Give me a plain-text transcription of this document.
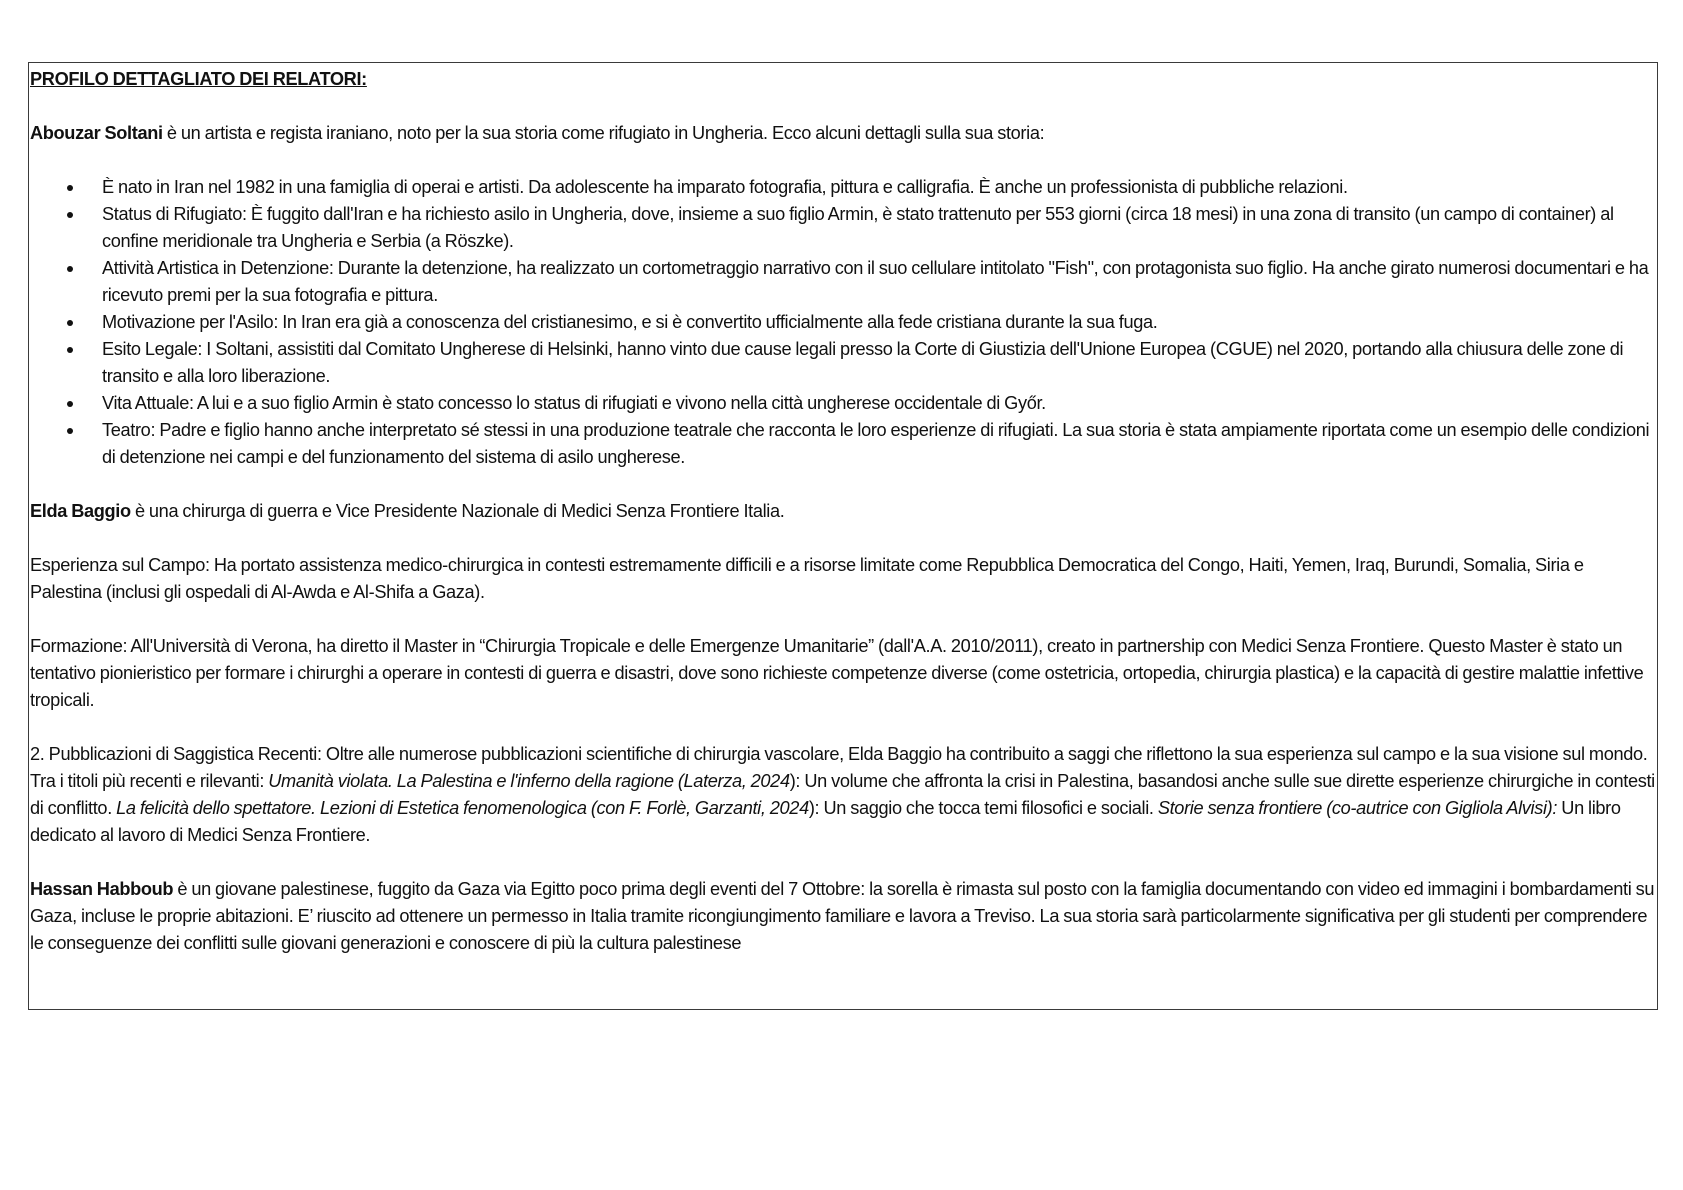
PROFILO DETTAGLIATO DEI RELATORI:

Abouzar Soltani è un artista e regista iraniano, noto per la sua storia come rifugiato in Ungheria. Ecco alcuni dettagli sulla sua storia:

È nato in Iran nel 1982 in una famiglia di operai e artisti. Da adolescente ha imparato fotografia, pittura e calligrafia. È anche un professionista di pubbliche relazioni.
Status di Rifugiato: È fuggito dall'Iran e ha richiesto asilo in Ungheria, dove, insieme a suo figlio Armin, è stato trattenuto per 553 giorni (circa 18 mesi) in una zona di transito (un campo di container) al confine meridionale tra Ungheria e Serbia (a Röszke).
Attività Artistica in Detenzione: Durante la detenzione, ha realizzato un cortometraggio narrativo con il suo cellulare intitolato "Fish", con protagonista suo figlio. Ha anche girato numerosi documentari e ha ricevuto premi per la sua fotografia e pittura.
Motivazione per l'Asilo: In Iran era già a conoscenza del cristianesimo, e si è convertito ufficialmente alla fede cristiana durante la sua fuga.
Esito Legale: I Soltani, assistiti dal Comitato Ungherese di Helsinki, hanno vinto due cause legali presso la Corte di Giustizia dell'Unione Europea (CGUE) nel 2020, portando alla chiusura delle zone di transito e alla loro liberazione.
Vita Attuale: A lui e a suo figlio Armin è stato concesso lo status di rifugiati e vivono nella città ungherese occidentale di Győr.
Teatro: Padre e figlio hanno anche interpretato sé stessi in una produzione teatrale che racconta le loro esperienze di rifugiati. La sua storia è stata ampiamente riportata come un esempio delle condizioni di detenzione nei campi e del funzionamento del sistema di asilo ungherese.

Elda Baggio è una chirurga di guerra e Vice Presidente Nazionale di Medici Senza Frontiere Italia.

Esperienza sul Campo: Ha portato assistenza medico-chirurgica in contesti estremamente difficili e a risorse limitate come Repubblica Democratica del Congo, Haiti, Yemen, Iraq, Burundi, Somalia, Siria e Palestina (inclusi gli ospedali di Al-Awda e Al-Shifa a Gaza).

Formazione: All'Università di Verona, ha diretto il Master in “Chirurgia Tropicale e delle Emergenze Umanitarie” (dall'A.A. 2010/2011), creato in partnership con Medici Senza Frontiere. Questo Master è stato un tentativo pionieristico per formare i chirurghi a operare in contesti di guerra e disastri, dove sono richieste competenze diverse (come ostetricia, ortopedia, chirurgia plastica) e la capacità di gestire malattie infettive tropicali.

2. Pubblicazioni di Saggistica Recenti: Oltre alle numerose pubblicazioni scientifiche di chirurgia vascolare, Elda Baggio ha contribuito a saggi che riflettono la sua esperienza sul campo e la sua visione sul mondo. Tra i titoli più recenti e rilevanti: Umanità violata. La Palestina e l'inferno della ragione (Laterza, 2024): Un volume che affronta la crisi in Palestina, basandosi anche sulle sue dirette esperienze chirurgiche in contesti di conflitto. La felicità dello spettatore. Lezioni di Estetica fenomenologica (con F. Forlè, Garzanti, 2024): Un saggio che tocca temi filosofici e sociali. Storie senza frontiere (co-autrice con Gigliola Alvisi): Un libro dedicato al lavoro di Medici Senza Frontiere.

Hassan Habboub è un giovane palestinese, fuggito da Gaza via Egitto poco prima degli eventi del 7 Ottobre: la sorella è rimasta sul posto con la famiglia documentando con video ed immagini i bombardamenti su Gaza, incluse le proprie abitazioni. E’ riuscito ad ottenere un permesso in Italia tramite ricongiungimento familiare e lavora a Treviso. La sua storia sarà particolarmente significativa per gli studenti per comprendere le conseguenze dei conflitti sulle giovani generazioni e conoscere di più la cultura palestinese
